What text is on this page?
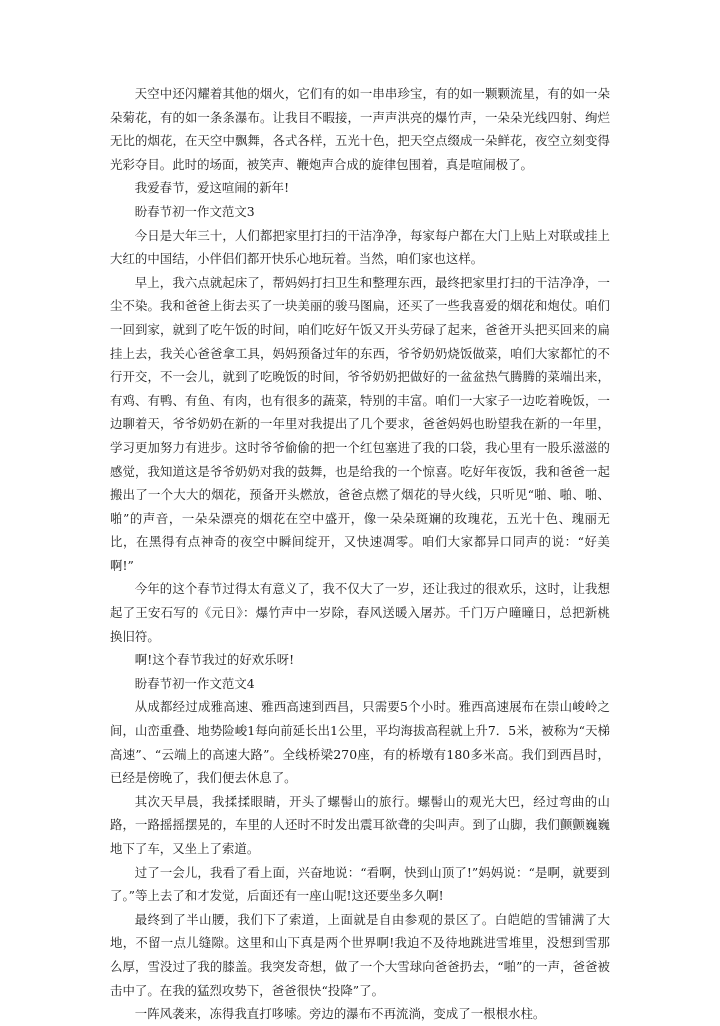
天空中还闪耀着其他的烟火，它们有的如一串串珍宝，有的如一颗颗流星，有的如一朵朵菊花，有的如一条条瀑布。让我目不暇接，一声声洪亮的爆竹声，一朵朵光线四射、绚烂无比的烟花，在天空中飘舞，各式各样，五光十色，把天空点缀成一朵鲜花，夜空立刻变得光彩夺目。此时的场面，被笑声、鞭炮声合成的旋律包围着，真是喧闹极了。

我爱春节，爱这喧闹的新年!

盼春节初一作文范文3

今日是大年三十，人们都把家里打扫的干洁净净，每家每户都在大门上贴上对联或挂上大红的中国结，小伴侣们都开快乐心地玩着。当然，咱们家也这样。

早上，我六点就起床了，帮妈妈打扫卫生和整理东西，最终把家里打扫的干洁净净，一尘不染。我和爸爸上街去买了一块美丽的骏马图扁，还买了一些我喜爱的烟花和炮仗。咱们一回到家，就到了吃午饭的时间，咱们吃好午饭又开头劳碌了起来，爸爸开头把买回来的扁挂上去，我关心爸爸拿工具，妈妈预备过年的东西，爷爷奶奶烧饭做菜，咱们大家都忙的不行开交，不一会儿，就到了吃晚饭的时间，爷爷奶奶把做好的一盆盆热气腾腾的菜端出来，有鸡、有鸭、有鱼、有肉，也有很多的蔬菜，特别的丰富。咱们一大家子一边吃着晚饭，一边聊着天，爷爷奶奶在新的一年里对我提出了几个要求，爸爸妈妈也盼望我在新的一年里，学习更加努力有进步。这时爷爷偷偷的把一个红包塞进了我的口袋，我心里有一股乐滋滋的感觉，我知道这是爷爷奶奶对我的鼓舞，也是给我的一个惊喜。吃好年夜饭，我和爸爸一起搬出了一个大大的烟花，预备开头燃放，爸爸点燃了烟花的导火线，只听见“啪、啪、啪、啪”的声音，一朵朵漂亮的烟花在空中盛开，像一朵朵斑斓的玫瑰花，五光十色、瑰丽无比，在黑得有点神奇的夜空中瞬间绽开，又快速凋零。咱们大家都异口同声的说：“好美啊!”

今年的这个春节过得太有意义了，我不仅大了一岁，还让我过的很欢乐，这时，让我想起了王安石写的《元日》：爆竹声中一岁除，春风送暖入屠苏。千门万户曈曈日，总把新桃换旧符。

啊!这个春节我过的好欢乐呀!

盼春节初一作文范文4

从成都经过成雅高速、雅西高速到西昌，只需要5个小时。雅西高速展布在崇山峻岭之间，山峦重叠、地势险峻1每向前延长出1公里，平均海拔高程就上升7．5米，被称为“天梯高速”、“云端上的高速大路”。全线桥梁270座，有的桥墩有180多米高。我们到西昌时，已经是傍晚了，我们便去休息了。

其次天早晨，我揉揉眼睛，开头了螺髻山的旅行。螺髻山的观光大巴，经过弯曲的山路，一路摇摇摆晃的，车里的人还时不时发出震耳欲聋的尖叫声。到了山脚，我们颤颤巍巍地下了车，又坐上了索道。

过了一会儿，我看了看上面，兴奋地说：“看啊，快到山顶了!”妈妈说：“是啊，就要到了。”等上去了和才发觉，后面还有一座山呢!这还要坐多久啊!

最终到了半山腰，我们下了索道，上面就是自由参观的景区了。白皑皑的雪铺满了大地，不留一点儿缝隙。这里和山下真是两个世界啊!我迫不及待地跳进雪堆里，没想到雪那么厚，雪没过了我的膝盖。我突发奇想，做了一个大雪球向爸爸扔去，“啪”的一声，爸爸被击中了。在我的猛烈攻势下，爸爸很快“投降”了。

一阵风袭来，冻得我直打哆嗦。旁边的瀑布不再流淌，变成了一根根水柱。
